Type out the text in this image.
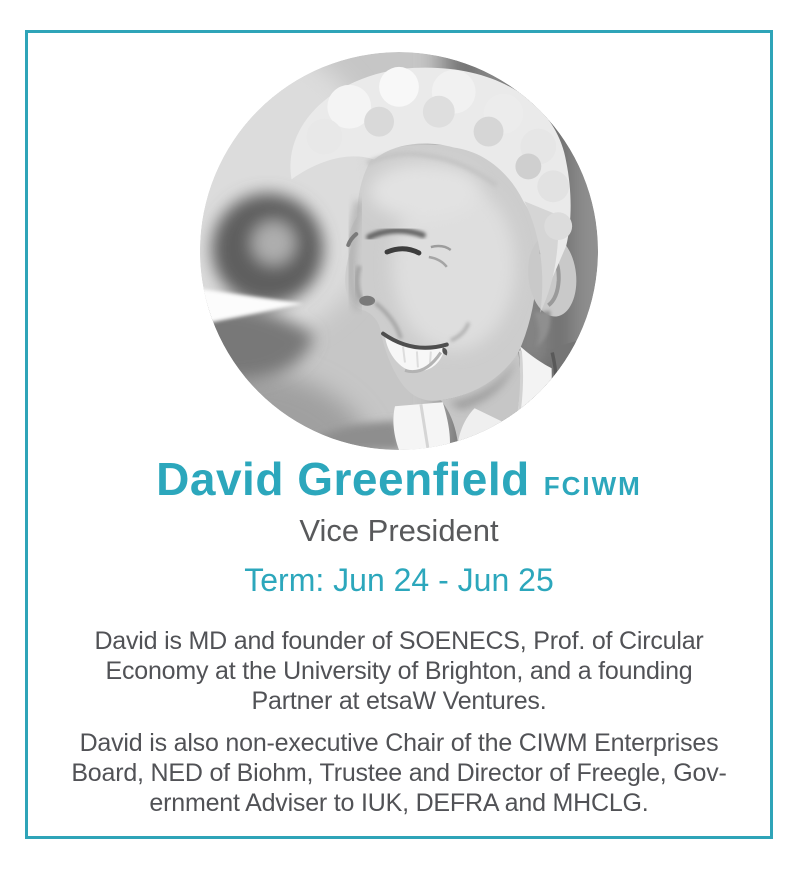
David Greenfield FCIWM
Vice President
Term: Jun 24 - Jun 25

David is MD and founder of SOENECS, Prof. of Circular
Economy at the University of Brighton, and a founding
Partner at etsaW Ventures.

David is also non-executive Chair of the CIWM Enterprises
Board, NED of Biohm, Trustee and Director of Freegle, Gov-
ernment Adviser to IUK, DEFRA and MHCLG.
